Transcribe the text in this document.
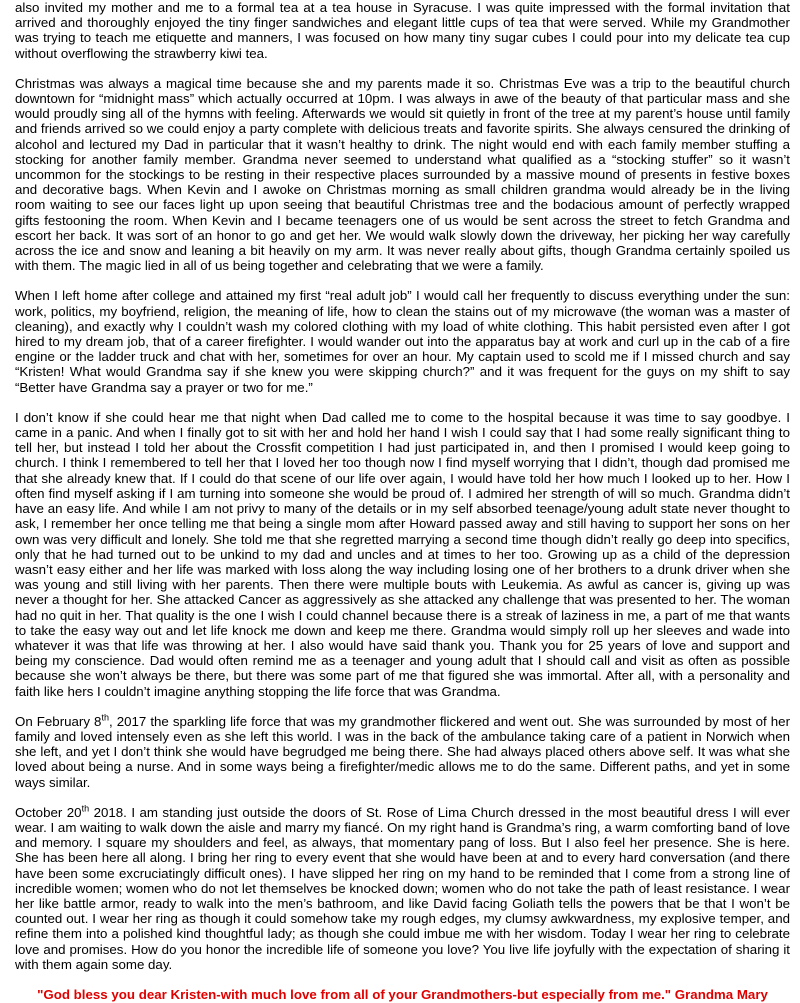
also invited my mother and me to a formal tea at a tea house in Syracuse. I was quite impressed with the formal invitation that arrived and thoroughly enjoyed the tiny finger sandwiches and elegant little cups of tea that were served. While my Grandmother was trying to teach me etiquette and manners, I was focused on how many tiny sugar cubes I could pour into my delicate tea cup without overflowing the strawberry kiwi tea.

Christmas was always a magical time because she and my parents made it so. Christmas Eve was a trip to the beautiful church downtown for “midnight mass” which actually occurred at 10pm. I was always in awe of the beauty of that particular mass and she would proudly sing all of the hymns with feeling. Afterwards we would sit quietly in front of the tree at my parent’s house until family and friends arrived so we could enjoy a party complete with delicious treats and favorite spirits. She always censured the drinking of alcohol and lectured my Dad in particular that it wasn’t healthy to drink. The night would end with each family member stuffing a stocking for another family member. Grandma never seemed to understand what qualified as a “stocking stuffer” so it wasn’t uncommon for the stockings to be resting in their respective places surrounded by a massive mound of presents in festive boxes and decorative bags. When Kevin and I awoke on Christmas morning as small children grandma would already be in the living room waiting to see our faces light up upon seeing that beautiful Christmas tree and the bodacious amount of perfectly wrapped gifts festooning the room. When Kevin and I became teenagers one of us would be sent across the street to fetch Grandma and escort her back. It was sort of an honor to go and get her. We would walk slowly down the driveway, her picking her way carefully across the ice and snow and leaning a bit heavily on my arm. It was never really about gifts, though Grandma certainly spoiled us with them. The magic lied in all of us being together and celebrating that we were a family.

When I left home after college and attained my first “real adult job” I would call her frequently to discuss everything under the sun: work, politics, my boyfriend, religion, the meaning of life, how to clean the stains out of my microwave (the woman was a master of cleaning), and exactly why I couldn’t wash my colored clothing with my load of white clothing. This habit persisted even after I got hired to my dream job, that of a career firefighter. I would wander out into the apparatus bay at work and curl up in the cab of a fire engine or the ladder truck and chat with her, sometimes for over an hour. My captain used to scold me if I missed church and say “Kristen! What would Grandma say if she knew you were skipping church?” and it was frequent for the guys on my shift to say “Better have Grandma say a prayer or two for me.”

I don’t know if she could hear me that night when Dad called me to come to the hospital because it was time to say goodbye. I came in a panic. And when I finally got to sit with her and hold her hand I wish I could say that I had some really significant thing to tell her, but instead I told her about the Crossfit competition I had just participated in, and then I promised I would keep going to church. I think I remembered to tell her that I loved her too though now I find myself worrying that I didn’t, though dad promised me that she already knew that. If I could do that scene of our life over again, I would have told her how much I looked up to her. How I often find myself asking if I am turning into someone she would be proud of. I admired her strength of will so much. Grandma didn’t have an easy life. And while I am not privy to many of the details or in my self absorbed teenage/young adult state never thought to ask, I remember her once telling me that being a single mom after Howard passed away and still having to support her sons on her own was very difficult and lonely. She told me that she regretted marrying a second time though didn’t really go deep into specifics, only that he had turned out to be unkind to my dad and uncles and at times to her too. Growing up as a child of the depression wasn’t easy either and her life was marked with loss along the way including losing one of her brothers to a drunk driver when she was young and still living with her parents. Then there were multiple bouts with Leukemia. As awful as cancer is, giving up was never a thought for her. She attacked Cancer as aggressively as she attacked any challenge that was presented to her. The woman had no quit in her. That quality is the one I wish I could channel because there is a streak of laziness in me, a part of me that wants to take the easy way out and let life knock me down and keep me there. Grandma would simply roll up her sleeves and wade into whatever it was that life was throwing at her. I also would have said thank you. Thank you for 25 years of love and support and being my conscience. Dad would often remind me as a teenager and young adult that I should call and visit as often as possible because she won’t always be there, but there was some part of me that figured she was immortal. After all, with a personality and faith like hers I couldn’t imagine anything stopping the life force that was Grandma.

On February 8th, 2017 the sparkling life force that was my grandmother flickered and went out. She was surrounded by most of her family and loved intensely even as she left this world. I was in the back of the ambulance taking care of a patient in Norwich when she left, and yet I don’t think she would have begrudged me being there. She had always placed others above self. It was what she loved about being a nurse. And in some ways being a firefighter/medic allows me to do the same. Different paths, and yet in some ways similar.

October 20th 2018. I am standing just outside the doors of St. Rose of Lima Church dressed in the most beautiful dress I will ever wear. I am waiting to walk down the aisle and marry my fiancé. On my right hand is Grandma’s ring, a warm comforting band of love and memory. I square my shoulders and feel, as always, that momentary pang of loss. But I also feel her presence. She is here. She has been here all along. I bring her ring to every event that she would have been at and to every hard conversation (and there have been some excruciatingly difficult ones). I have slipped her ring on my hand to be reminded that I come from a strong line of incredible women; women who do not let themselves be knocked down; women who do not take the path of least resistance. I wear her like battle armor, ready to walk into the men’s bathroom, and like David facing Goliath tells the powers that be that I won’t be counted out. I wear her ring as though it could somehow take my rough edges, my clumsy awkwardness, my explosive temper, and refine them into a polished kind thoughtful lady; as though she could imbue me with her wisdom. Today I wear her ring to celebrate love and promises. How do you honor the incredible life of someone you love? You live life joyfully with the expectation of sharing it with them again some day.

"God bless you dear Kristen-with much love from all of your Grandmothers-but especially from me." Grandma Mary
